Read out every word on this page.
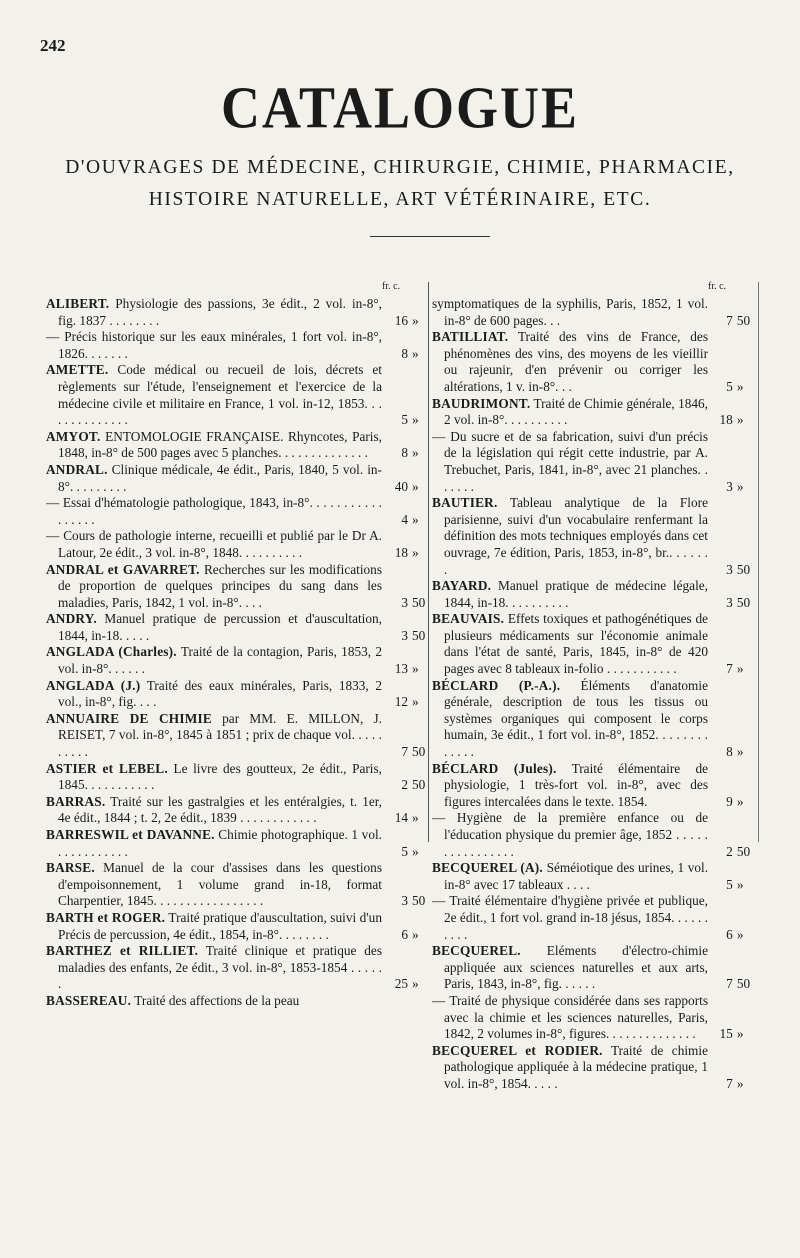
242
CATALOGUE
D'OUVRAGES DE MÉDECINE, CHIRURGIE, CHIMIE, PHARMACIE,
HISTOIRE NATURELLE, ART VÉTÉRINAIRE, ETC.
fr. c.
ALIBERT. Physiologie des passions, 3e édit., 2 vol. in-8°, fig. 1837 . . . . . . . .	16 »
— Précis historique sur les eaux minérales, 1 fort vol. in-8°, 1826. . . . . . .	8 »
AMETTE. Code médical ou recueil de lois, décrets et règlements sur l'étude, l'enseignement et l'exercice de la médecine civile et militaire en France, 1 vol. in-12, 1853. . . . . . . . . . . . . .	5 »
AMYOT. ENTOMOLOGIE FRANÇAISE. Rhyncotes, Paris, 1848, in-8° de 500 pages avec 5 planches. . . . . . . . . . . . . .	8 »
ANDRAL. Clinique médicale, 4e édit., Paris, 1840, 5 vol. in-8°. . . . . . . . .	40 »
— Essai d'hématologie pathologique, 1843, in-8°. . . . . . . . . . . . . . . . .	4 »
— Cours de pathologie interne, recueilli et publié par le Dr A. Latour, 2e édit., 3 vol. in-8°, 1848. . . . . . . . . .	18 »
ANDRAL et GAVARRET. Recherches sur les modifications de proportion de quelques principes du sang dans les maladies, Paris, 1842, 1 vol. in-8°. . . .	3 50
ANDRY. Manuel pratique de percussion et d'auscultation, 1844, in-18. . . . .	3 50
ANGLADA (Charles). Traité de la contagion, Paris, 1853, 2 vol. in-8°. . . . . .	13 »
ANGLADA (J.) Traité des eaux minérales, Paris, 1833, 2 vol., in-8°, fig. . . .	12 »
ANNUAIRE DE CHIMIE par MM. E. MILLON, J. REISET, 7 vol. in-8°, 1845 à 1851 ; prix de chaque vol. . . . . . . . . .	7 50
ASTIER et LEBEL. Le livre des goutteux, 2e édit., Paris, 1845. . . . . . . . . . .	2 50
BARRAS. Traité sur les gastralgies et les entéralgies, t. 1er, 4e édit., 1844 ; t. 2, 2e édit., 1839 . . . . . . . . . . . .	14 »
BARRESWIL et DAVANNE. Chimie photographique. 1 vol. . . . . . . . . . . .	5 »
BARSE. Manuel de la cour d'assises dans les questions d'empoisonnement, 1 volume grand in-18, format Charpentier, 1845. . . . . . . . . . . . . . . . .	3 50
BARTH et ROGER. Traité pratique d'auscultation, suivi d'un Précis de percussion, 4e édit., 1854, in-8°. . . . . . . .	6 »
BARTHEZ et RILLIET. Traité clinique et pratique des maladies des enfants, 2e édit., 3 vol. in-8°, 1853-1854 . . . . . .	25 »
BASSEREAU. Traité des affections de la peau
fr. c.
symptomatiques de la syphilis, Paris, 1852, 1 vol. in-8° de 600 pages. . .	7 50
BATILLIAT. Traité des vins de France, des phénomènes des vins, des moyens de les vieillir ou rajeunir, d'en prévenir ou corriger les altérations, 1 v. in-8°. . .	5 »
BAUDRIMONT. Traité de Chimie générale, 1846, 2 vol. in-8°. . . . . . . . . .	18 »
— Du sucre et de sa fabrication, suivi d'un précis de la législation qui régit cette industrie, par A. Trebuchet, Paris, 1841, in-8°, avec 21 planches. . . . . . .	3 »
BAUTIER. Tableau analytique de la Flore parisienne, suivi d'un vocabulaire renfermant la définition des mots techniques employés dans cet ouvrage, 7e édition, Paris, 1853, in-8°, br.. . . . . . .	3 50
BAYARD. Manuel pratique de médecine légale, 1844, in-18. . . . . . . . . .	3 50
BEAUVAIS. Effets toxiques et pathogénétiques de plusieurs médicaments sur l'économie animale dans l'état de santé, Paris, 1845, in-8° de 420 pages avec 8 tableaux in-folio . . . . . . . . . . .	7 »
BÉCLARD (P.-A.). Éléments d'anatomie générale, description de tous les tissus ou systèmes organiques qui composent le corps humain, 3e édit., 1 fort vol. in-8°, 1852. . . . . . . . . . . . .	8 »
BÉCLARD (Jules). Traité élémentaire de physiologie, 1 très-fort vol. in-8°, avec des figures intercalées dans le texte. 1854.	9 »
— Hygiène de la première enfance ou de l'éducation physique du premier âge, 1852 . . . . . . . . . . . . . . . .	2 50
BECQUEREL (A). Séméiotique des urines, 1 vol. in-8° avec 17 tableaux . . . .	5 »
— Traité élémentaire d'hygiène privée et publique, 2e édit., 1 fort vol. grand in-18 jésus, 1854. . . . . . . . . .	6 »
BECQUEREL. Eléments d'électro-chimie appliquée aux sciences naturelles et aux arts, Paris, 1843, in-8°, fig. . . . . .	7 50
— Traité de physique considérée dans ses rapports avec la chimie et les sciences naturelles, Paris, 1842, 2 volumes in-8°, figures. . . . . . . . . . . . . .	15 »
BECQUEREL et RODIER. Traité de chimie pathologique appliquée à la médecine pratique, 1 vol. in-8°, 1854. . . . .	7 »
